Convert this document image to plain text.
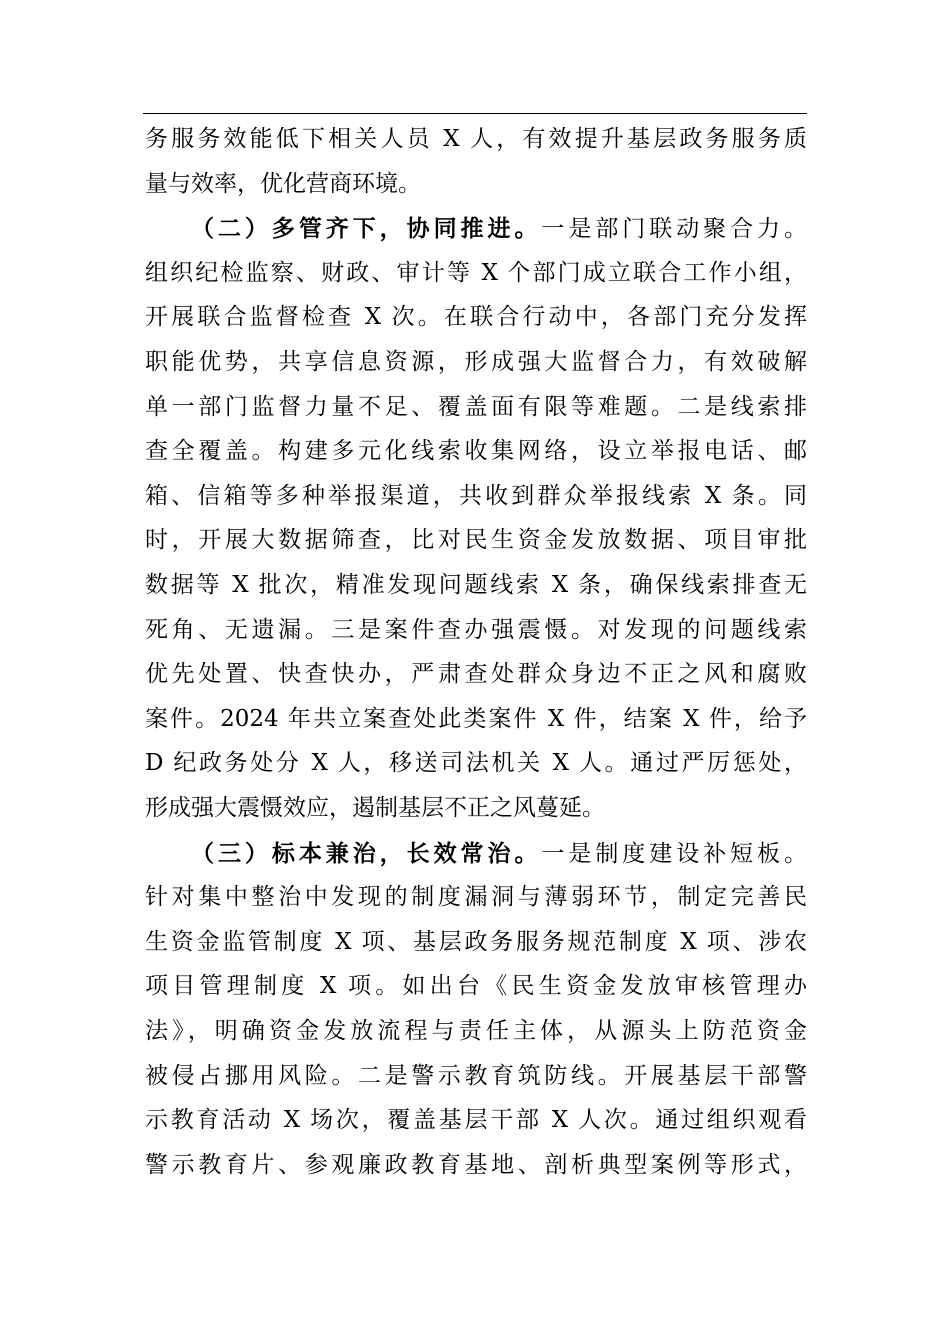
务服务效能低下相关人员 X 人，有效提升基层政务服务质
量与效率，优化营商环境。
（二）多管齐下，协同推进。一是部门联动聚合力。
组织纪检监察、财政、审计等 X 个部门成立联合工作小组，
开展联合监督检查 X 次。在联合行动中，各部门充分发挥
职能优势，共享信息资源，形成强大监督合力，有效破解
单一部门监督力量不足、覆盖面有限等难题。二是线索排
查全覆盖。构建多元化线索收集网络，设立举报电话、邮
箱、信箱等多种举报渠道，共收到群众举报线索 X 条。同
时，开展大数据筛查，比对民生资金发放数据、项目审批
数据等 X 批次，精准发现问题线索 X 条，确保线索排查无
死角、无遗漏。三是案件查办强震慑。对发现的问题线索
优先处置、快查快办，严肃查处群众身边不正之风和腐败
案件。2024 年共立案查处此类案件 X 件，结案 X 件，给予
D 纪政务处分 X 人，移送司法机关 X 人。通过严厉惩处，
形成强大震慑效应，遏制基层不正之风蔓延。
（三）标本兼治，长效常治。一是制度建设补短板。
针对集中整治中发现的制度漏洞与薄弱环节，制定完善民
生资金监管制度 X 项、基层政务服务规范制度 X 项、涉农
项目管理制度 X 项。如出台《民生资金发放审核管理办
法》，明确资金发放流程与责任主体，从源头上防范资金
被侵占挪用风险。二是警示教育筑防线。开展基层干部警
示教育活动 X 场次，覆盖基层干部 X 人次。通过组织观看
警示教育片、参观廉政教育基地、剖析典型案例等形式，
